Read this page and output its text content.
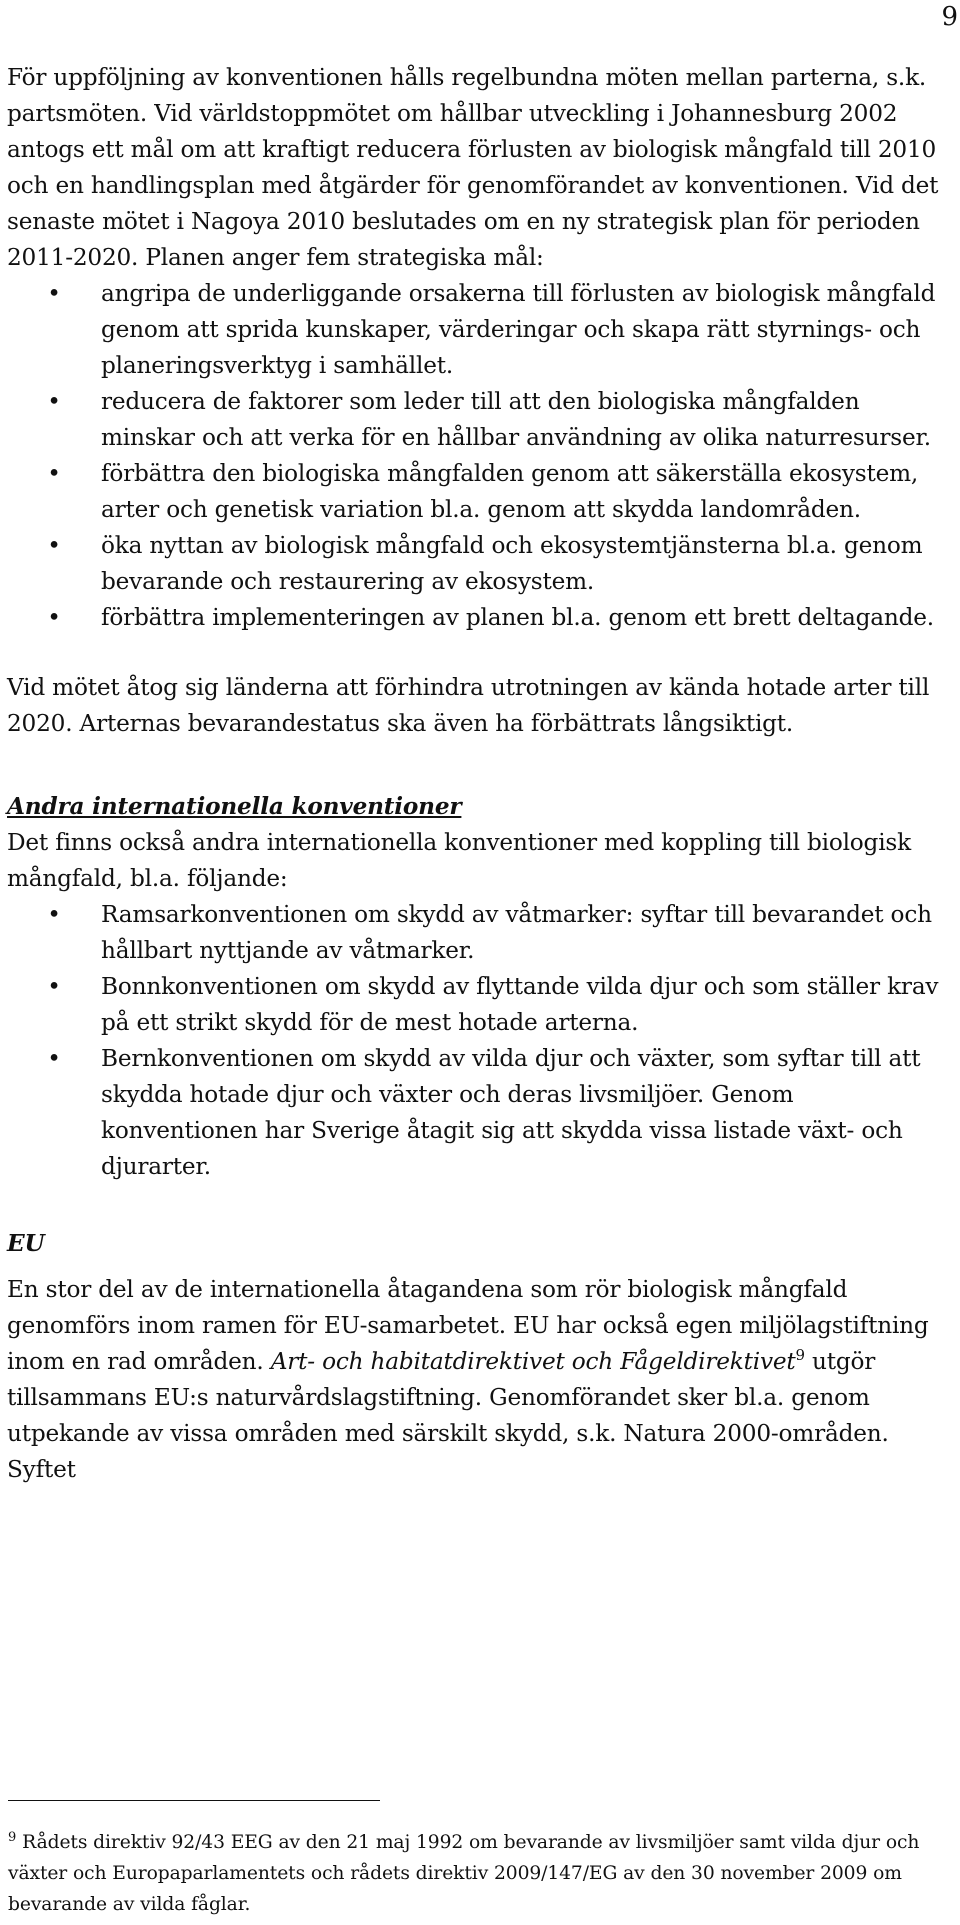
9

För uppföljning av konventionen hålls regelbundna möten mellan parterna, s.k. partsmöten. Vid världstoppmötet om hållbar utveckling i Johannesburg 2002 antogs ett mål om att kraftigt reducera förlusten av biologisk mångfald till 2010 och en handlingsplan med åtgärder för genomförandet av konventionen. Vid det senaste mötet i Nagoya 2010 beslutades om en ny strategisk plan för perioden 2011-2020. Planen anger fem strategiska mål:

• angripa de underliggande orsakerna till förlusten av biologisk mångfald genom att sprida kunskaper, värderingar och skapa rätt styrnings- och planeringsverktyg i samhället.
• reducera de faktorer som leder till att den biologiska mångfalden minskar och att verka för en hållbar användning av olika naturresurser.
• förbättra den biologiska mångfalden genom att säkerställa ekosystem, arter och genetisk variation bl.a. genom att skydda landområden.
• öka nyttan av biologisk mångfald och ekosystemtjänsterna bl.a. genom bevarande och restaurering av ekosystem.
• förbättra implementeringen av planen bl.a. genom ett brett deltagande.

Vid mötet åtog sig länderna att förhindra utrotningen av kända hotade arter till 2020. Arternas bevarandestatus ska även ha förbättrats långsiktigt.

Andra internationella konventioner

Det finns också andra internationella konventioner med koppling till biologisk mångfald, bl.a. följande:

• Ramsarkonventionen om skydd av våtmarker: syftar till bevarandet och hållbart nyttjande av våtmarker.
• Bonnkonventionen om skydd av flyttande vilda djur och som ställer krav på ett strikt skydd för de mest hotade arterna.
• Bernkonventionen om skydd av vilda djur och växter, som syftar till att skydda hotade djur och växter och deras livsmiljöer. Genom konventionen har Sverige åtagit sig att skydda vissa listade växt- och djurarter.
EU

En stor del av de internationella åtagandena som rör biologisk mångfald genomförs inom ramen för EU-samarbetet. EU har också egen miljölagstiftning inom en rad områden. Art- och habitatdirektivet och Fågeldirektivet$^9$ utgör tillsammans EU:s naturvårdslagstiftning. Genomförandet sker bl.a. genom utpekande av vissa områden med särskilt skydd, s.k. Natura 2000-områden. Syftet

$^9$ Rådets direktiv 92/43 EEG av den 21 maj 1992 om bevarande av livsmiljöer samt vilda djur och växter och Europaparlamentets och rådets direktiv 2009/147/EG av den 30 november 2009 om bevarande av vilda fåglar.
